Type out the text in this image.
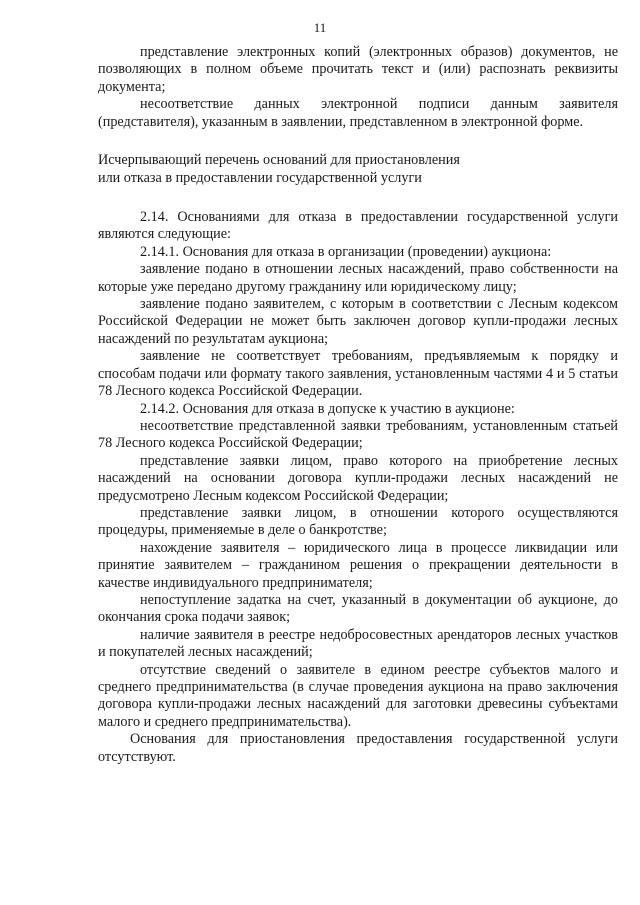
11

представление электронных копий (электронных образов) документов, не позволяющих в полном объеме прочитать текст и (или) распознать реквизиты документа;

несоответствие данных электронной подписи данным заявителя (представителя), указанным в заявлении, представленном в электронной форме.

Исчерпывающий перечень оснований для приостановления

или отказа в предоставлении государственной услуги

2.14. Основаниями для отказа в предоставлении государственной услуги являются следующие:

2.14.1. Основания для отказа в организации (проведении) аукциона:

заявление подано в отношении лесных насаждений, право собственности на которые уже передано другому гражданину или юридическому лицу;

заявление подано заявителем, с которым в соответствии с Лесным кодексом Российской Федерации не может быть заключен договор купли-продажи лесных насаждений по результатам аукциона;

заявление не соответствует требованиям, предъявляемым к порядку и способам подачи или формату такого заявления, установленным частями 4 и 5 статьи 78 Лесного кодекса Российской Федерации.

2.14.2. Основания для отказа в допуске к участию в аукционе:

несоответствие представленной заявки требованиям, установленным статьей 78 Лесного кодекса Российской Федерации;

представление заявки лицом, право которого на приобретение лесных насаждений на основании договора купли-продажи лесных насаждений не предусмотрено Лесным кодексом Российской Федерации;

представление заявки лицом, в отношении которого осуществляются процедуры, применяемые в деле о банкротстве;

нахождение заявителя – юридического лица в процессе ликвидации или принятие заявителем – гражданином решения о прекращении деятельности в качестве индивидуального предпринимателя;

непоступление задатка на счет, указанный в документации об аукционе, до окончания срока подачи заявок;

наличие заявителя в реестре недобросовестных арендаторов лесных участков и покупателей лесных насаждений;

отсутствие сведений о заявителе в едином реестре субъектов малого и среднего предпринимательства (в случае проведения аукциона на право заключения договора купли-продажи лесных насаждений для заготовки древесины субъектами малого и среднего предпринимательства).

Основания для приостановления предоставления государственной услуги отсутствуют.
